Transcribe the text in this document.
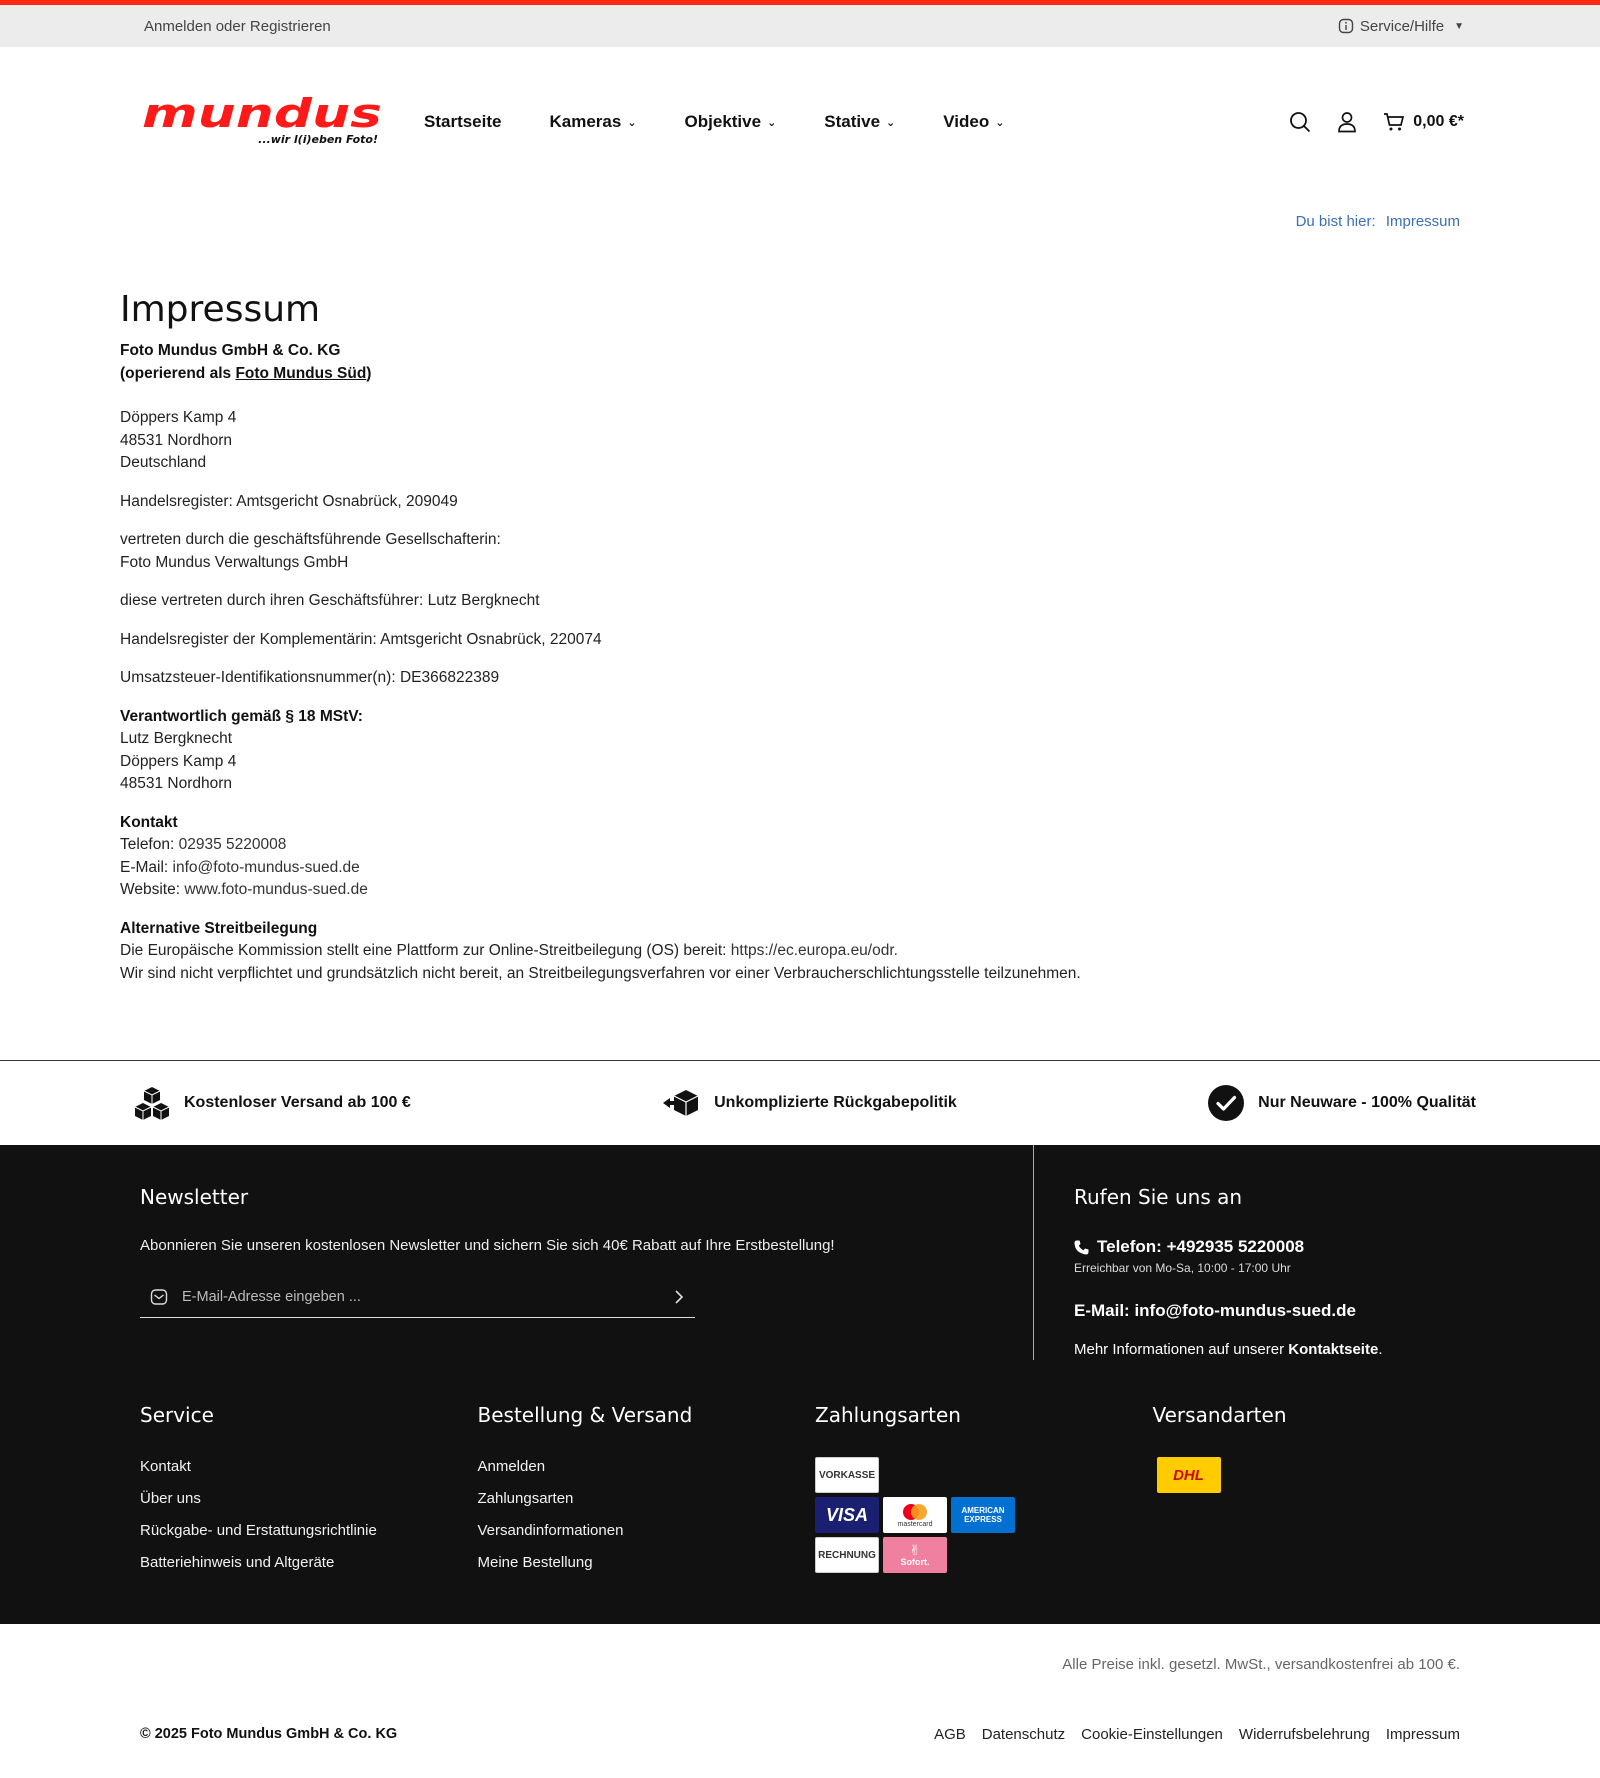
Anmelden oder Registrieren	Service/Hilfe ▼
mundus
...wir l(i)eben Foto!
Startseite	Kameras ⌄	Objektive ⌄	Stative ⌄	Video ⌄	0,00 €*
Du bist hier: Impressum
Impressum
Foto Mundus GmbH & Co. KG
(operierend als Foto Mundus Süd)

Döppers Kamp 4
48531 Nordhorn
Deutschland

Handelsregister: Amtsgericht Osnabrück, 209049

vertreten durch die geschäftsführende Gesellschafterin:
Foto Mundus Verwaltungs GmbH

diese vertreten durch ihren Geschäftsführer: Lutz Bergknecht

Handelsregister der Komplementärin: Amtsgericht Osnabrück, 220074

Umsatzsteuer-Identifikationsnummer(n): DE366822389

Verantwortlich gemäß § 18 MStV:
Lutz Bergknecht
Döppers Kamp 4
48531 Nordhorn

Kontakt
Telefon: 02935 5220008
E-Mail: info@foto-mundus-sued.de
Website: www.foto-mundus-sued.de

Alternative Streitbeilegung
Die Europäische Kommission stellt eine Plattform zur Online-Streitbeilegung (OS) bereit: https://ec.europa.eu/odr.
Wir sind nicht verpflichtet und grundsätzlich nicht bereit, an Streitbeilegungsverfahren vor einer Verbraucherschlichtungsstelle teilzunehmen.

Kostenloser Versand ab 100 €	Unkomplizierte Rückgabepolitik	Nur Neuware - 100% Qualität
Newsletter
Abonnieren Sie unseren kostenlosen Newsletter und sichern Sie sich 40€ Rabatt auf Ihre Erstbestellung!
E-Mail-Adresse eingeben ...
Rufen Sie uns an
Telefon: +492935 5220008
Erreichbar von Mo-Sa, 10:00 - 17:00 Uhr
E-Mail: info@foto-mundus-sued.de
Mehr Informationen auf unserer Kontaktseite.
Service
Kontakt
Über uns
Rückgabe- und Erstattungsrichtlinie
Batteriehinweis und Altgeräte
Bestellung & Versand
Anmelden
Zahlungsarten
Versandinformationen
Meine Bestellung
Zahlungsarten
VORKASSE
VISA	mastercard
AMERICAN EXPRESS
RECHNUNG ✌
Sofort.
Versandarten
DHL
Alle Preise inkl. gesetzl. MwSt., versandkostenfrei ab 100 €.
© 2025 Foto Mundus GmbH & Co. KG	AGB Datenschutz Cookie-Einstellungen Widerrufsbelehrung Impressum
